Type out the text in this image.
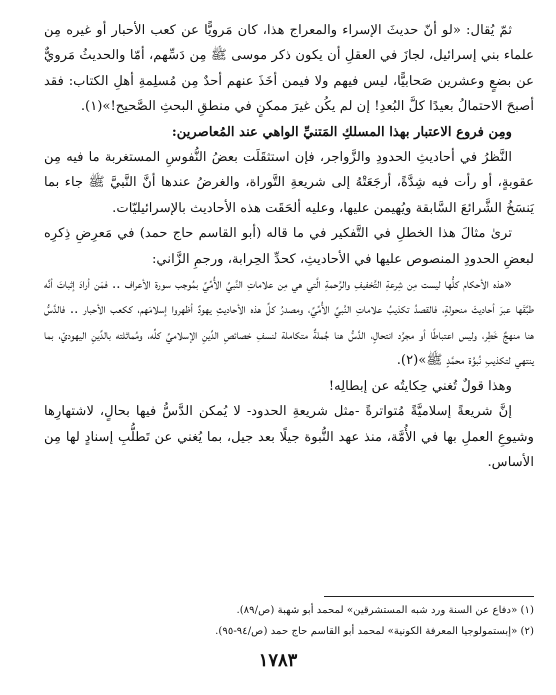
ثمّ يُقال: «لو أنّ حديثَ الإسراء والمعراج هذا، كان مَرويًّا عن كعب الأحبار أو غيره مِن علماء بني إسرائيل، لجازَ في العقلِ أن يكون ذكر موسى ﷺ مِن دَسِّهم، أمّا والحديثُ مَرويٌّ عن بضعٍ وعشرين صَحابيًّا، ليس فيهم ولا فيمن أخَذَ عنهم أحدٌ مِن مُسلِمةِ أهلِ الكتاب: فقد أصبحَ الاحتمالُ بعيدًا كلَّ البُعدِ! إن لم يكُن غيرَ ممكنٍ في منطقِ البحثِ الصَّحيح!»(١).

ومِن فروع الاعتبار بهذا المسلكِ المَتنيِّ الواهي عند المُعاصرين:

النَّظرُ في أحاديثِ الحدودِ والزَّواجر، فإن استثقَلَت بعضُ النُّفوسِ المستغربة ما فيه مِن عقوبةٍ، أو رأت فيه شِدَّةً، أرجَعَتْهُ إلى شريعةِ التَّوراة، والغرضُ عندها أنَّ النَّبيَّ ﷺ جاء بما يَنسَخُ الشَّرائعَ السَّابقة ويُهيمن عليها، وعليه ألحَقَت هذه الأحاديث بالإسرائيليّات.

ترىٰ مثالَ هذا الخطلِ في التَّفكير في ما قاله (أبو القاسم حاج حمد) في مَعرِضِ ذِكرِه لبعضِ الحدودِ المنصوص عليها في الأحاديثِ، كحدِّ الحِرابة، ورجمِ الزَّاني:

«هذه الأحكام كلُّها ليست مِن شِرعةِ التَّخفيفِ والرَّحمةِ الَّتي هي مِن علاماتِ النَّبيِّ الأُمِّيِّ بمُوجب سورة الأعراف .. فمَن أرادَ إثباتَ أنَّه طبَّقَها عبرَ أحاديثَ منحولةٍ، فالقصدُ تكذيبُ علاماتِ النَّبيِّ الأُمِّيِّ، ومصدرُ كلِّ هذه الأحاديثِ يهودٌ أظهروا إسلامَهم، ككعب الأحبار .. فالدَّسُّ هنا منهجٌ خَطِر، وليس اعتباطًا أو مجرَّد انتحالٍ، الدَّسُّ هنا جُملةٌ متكاملة لنسفِ خصائصِ الدِّينِ الإسلاميِّ كلِّه، ومُماثلته بالدِّينِ اليهوديّ، بما ينتهي لتكذيبِ نُبوَّة محمَّدٍ ﷺ»(٢).

وهذا قولٌ تُغني حِكايتُه عن إبطالِه!

إنَّ شريعةً إسلاميَّةً مُتواترةً -مثل شريعةِ الحدود- لا يُمكن الدَّسُّ فيها بحالٍ، لاشتهارِها وشيوعِ العملِ بها في الأُمَّة، منذ عهد النُّبوة جيلًا بعد جيل، بما يُغني عن تَطلُّبِ إسنادٍ لها مِن الأساس.

(١) «دفاع عن السنة ورد شبه المستشرقين» لمحمد أبو شهبة (ص/٨٩).

(٢) «إبستمولوجيا المعرفة الكونية» لمحمد أبو القاسم حاج حمد (ص/٩٤-٩٥).

١٧٨٣
